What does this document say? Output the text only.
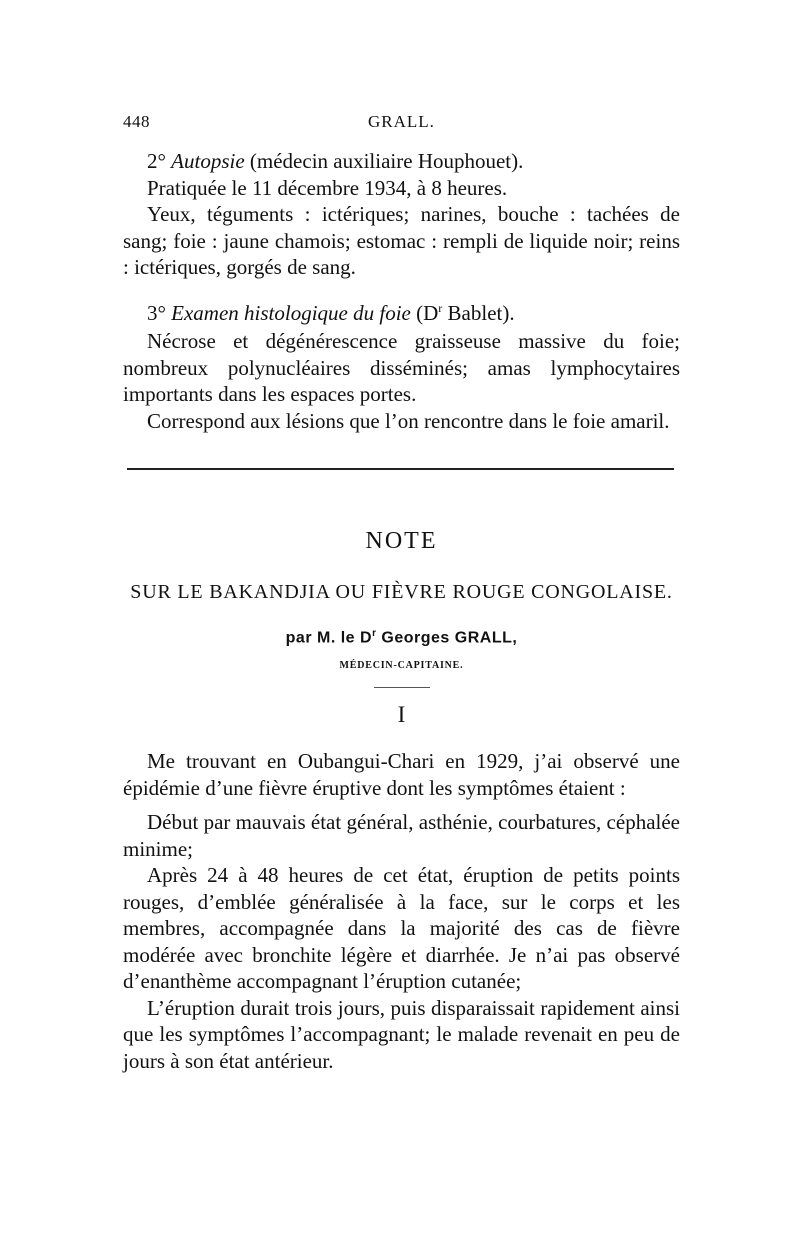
448	GRALL.

2° Autopsie (médecin auxiliaire Houphouet).

Pratiquée le 11 décembre 1934, à 8 heures.

Yeux, téguments : ictériques; narines, bouche : tachées de sang; foie : jaune chamois; estomac : rempli de liquide noir; reins : ictériques, gorgés de sang.

3° Examen histologique du foie ($D^r$ Bablet).

Nécrose et dégénérescence graisseuse massive du foie; nombreux polynucléaires disséminés; amas lymphocytaires importants dans les espaces portes.

Correspond aux lésions que l’on rencontre dans le foie amaril.

NOTE
SUR LE BAKANDJIA OU FIÈVRE ROUGE CONGOLAISE.
par M. le $D^r$ Georges GRALL,
MÉDECIN-CAPITAINE.
I

Me trouvant en Oubangui-Chari en 1929, j’ai observé une épidémie d’une fièvre éruptive dont les symptômes étaient :

Début par mauvais état général, asthénie, courbatures, céphalée minime;

Après 24 à 48 heures de cet état, éruption de petits points rouges, d’emblée généralisée à la face, sur le corps et les membres, accompagnée dans la majorité des cas de fièvre modérée avec bronchite légère et diarrhée. Je n’ai pas observé d’enanthème accompagnant l’éruption cutanée;

L’éruption durait trois jours, puis disparaissait rapidement ainsi que les symptômes l’accompagnant; le malade revenait en peu de jours à son état antérieur.
